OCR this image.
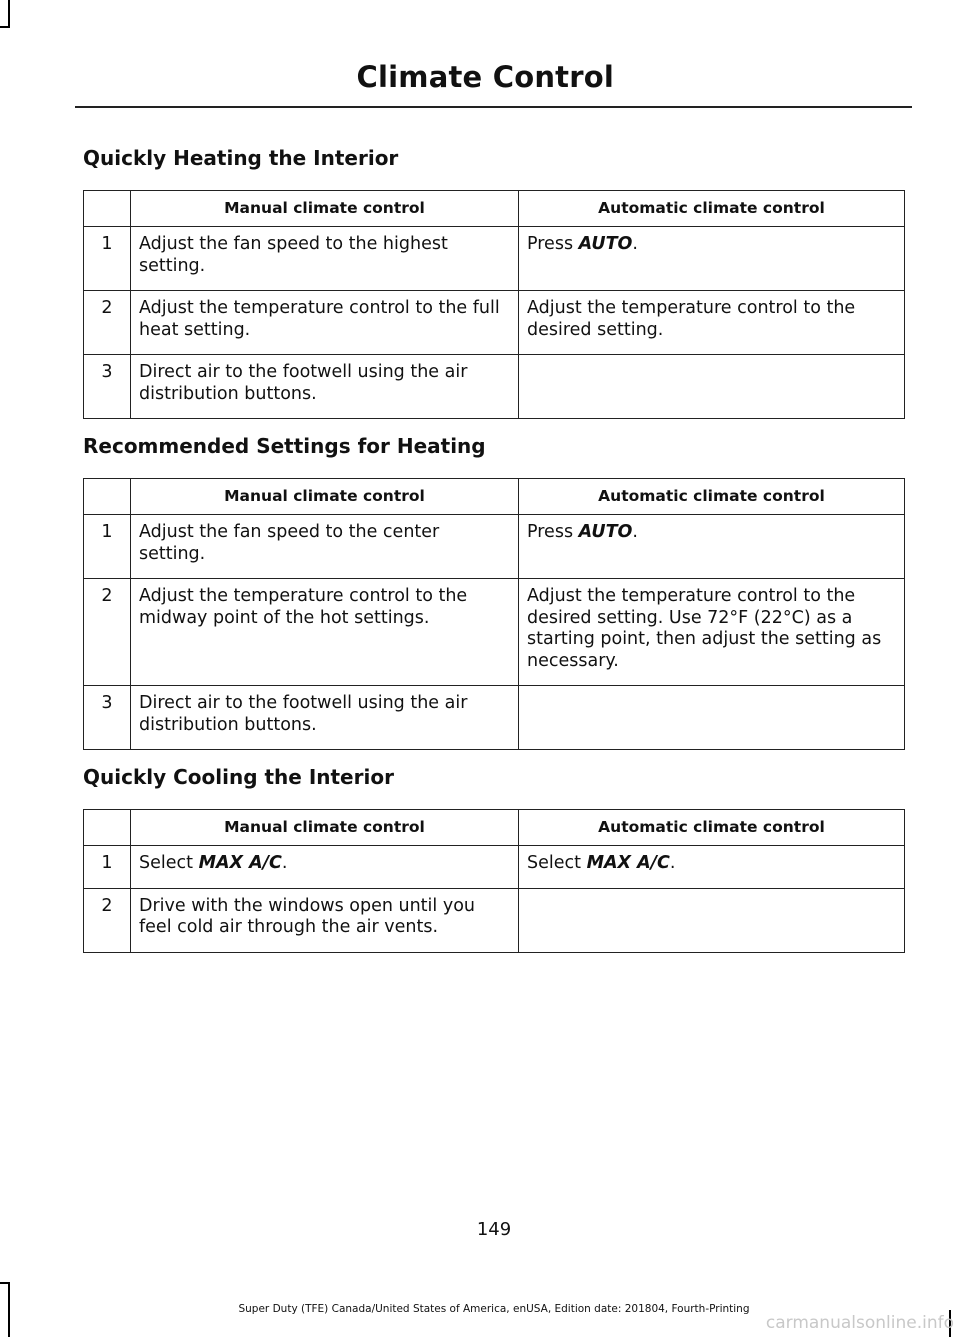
Climate Control
Quickly Heating the Interior
	Manual climate control	Automatic climate control
1	Adjust the fan speed to the highest setting.	Press AUTO.
2	Adjust the temperature control to the full heat setting.	Adjust the temperature control to the desired setting.
3	Direct air to the footwell using the air distribution buttons.	
Recommended Settings for Heating
	Manual climate control	Automatic climate control
1	Adjust the fan speed to the center setting.	Press AUTO.
2	Adjust the temperature control to the midway point of the hot settings.	Adjust the temperature control to the desired setting. Use 72°F (22°C) as a starting point, then adjust the setting as necessary.
3	Direct air to the footwell using the air distribution buttons.	
Quickly Cooling the Interior
	Manual climate control	Automatic climate control
1	Select MAX A/C.	Select MAX A/C.
2	Drive with the windows open until you feel cold air through the air vents.	
149
Super Duty (TFE) Canada/United States of America, enUSA, Edition date: 201804, Fourth-Printing
carmanualsonline.info
